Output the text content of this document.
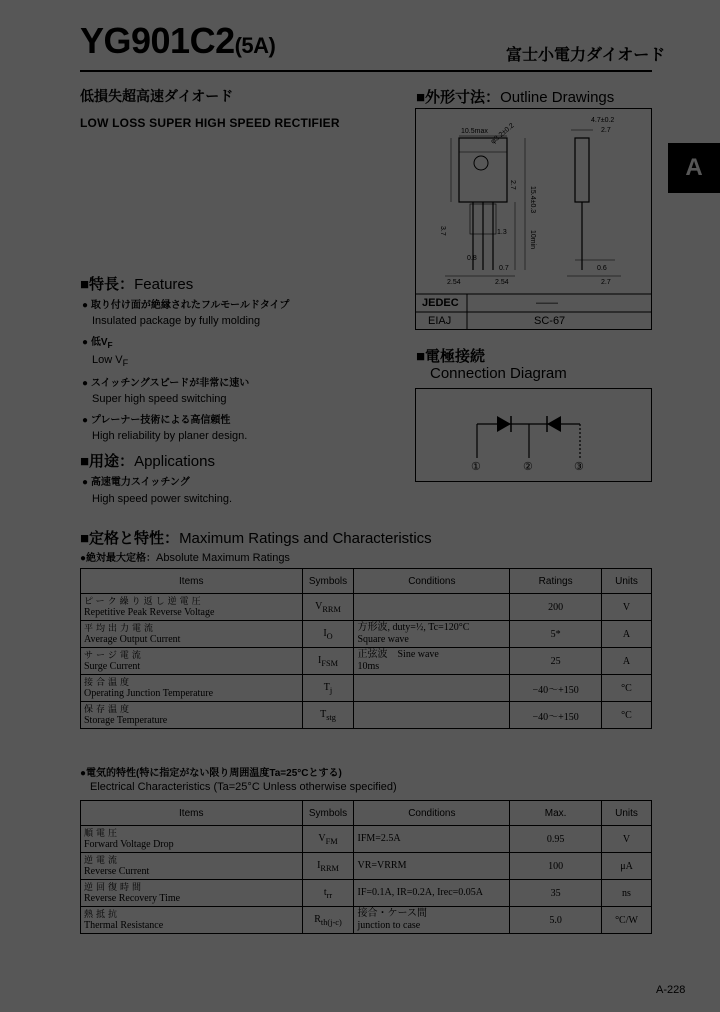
YG901C2(5A)	富士小電力ダイオード
低損失超高速ダイオード
LOW LOSS SUPER HIGH SPEED RECTIFIER
A
■外形寸法：Outline Drawings
10.5max φ3.2±0.2
4.7±0.2
2.7
2.7
15.4±0.3
3.7	1.3	10min
0.8
0.7
2.54	2.54
0.6
2.7
JEDEC	——
EIAJ	SC-67
■特長：Features
● 取り付け面が絶縁されたフルモールドタイプ
Insulated package by fully molding
● 低$V_F$
Low $V_F$
● スイッチングスピードが非常に速い
Super high speed switching
● プレーナー技術による高信頼性
High reliability by planer design.
■用途：Applications
● 高速電力スイッチング
High speed power switching.
■電極接続
Connection Diagram
①	②	③
■定格と特性：Maximum Ratings and Characteristics
●絶対最大定格：Absolute Maximum Ratings
Items	Symbols	Conditions	Ratings	Units

ピーク繰り返し逆電圧
Repetitive Peak Reverse Voltage	$V_{RRM}$		200	V

平均出力電流
Average Output Current	$I_O$	方形波, duty=½, Tc=120°C
Square wave	5*	A

サージ電流
Surge Current	$I_{FSM}$	正弦波　Sine wave
10ms	25	A

接合温度
Operating Junction Temperature	$T_j$		−40～+150	°C

保存温度
Storage Temperature	$T_{stg}$		−40～+150	°C
●電気的特性(特に指定がない限り周囲温度Ta=25°Cとする)
Electrical Characteristics (Ta=25°C Unless otherwise specified)
Items	Symbols	Conditions	Max.	Units

順電圧
Forward Voltage Drop	$V_{FM}$	IFM=2.5A	0.95	V

逆電流
Reverse Current	$I_{RRM}$	VR=VRRM	100	μA

逆回復時間
Reverse Recovery Time	$t_{rr}$	IF=0.1A, IR=0.2A, Irec=0.05A	35	ns

熱抵抗
Thermal Resistance	$R_{th(j-c)}$	接合・ケース間
junction to case	5.0	°C/W
A-228
